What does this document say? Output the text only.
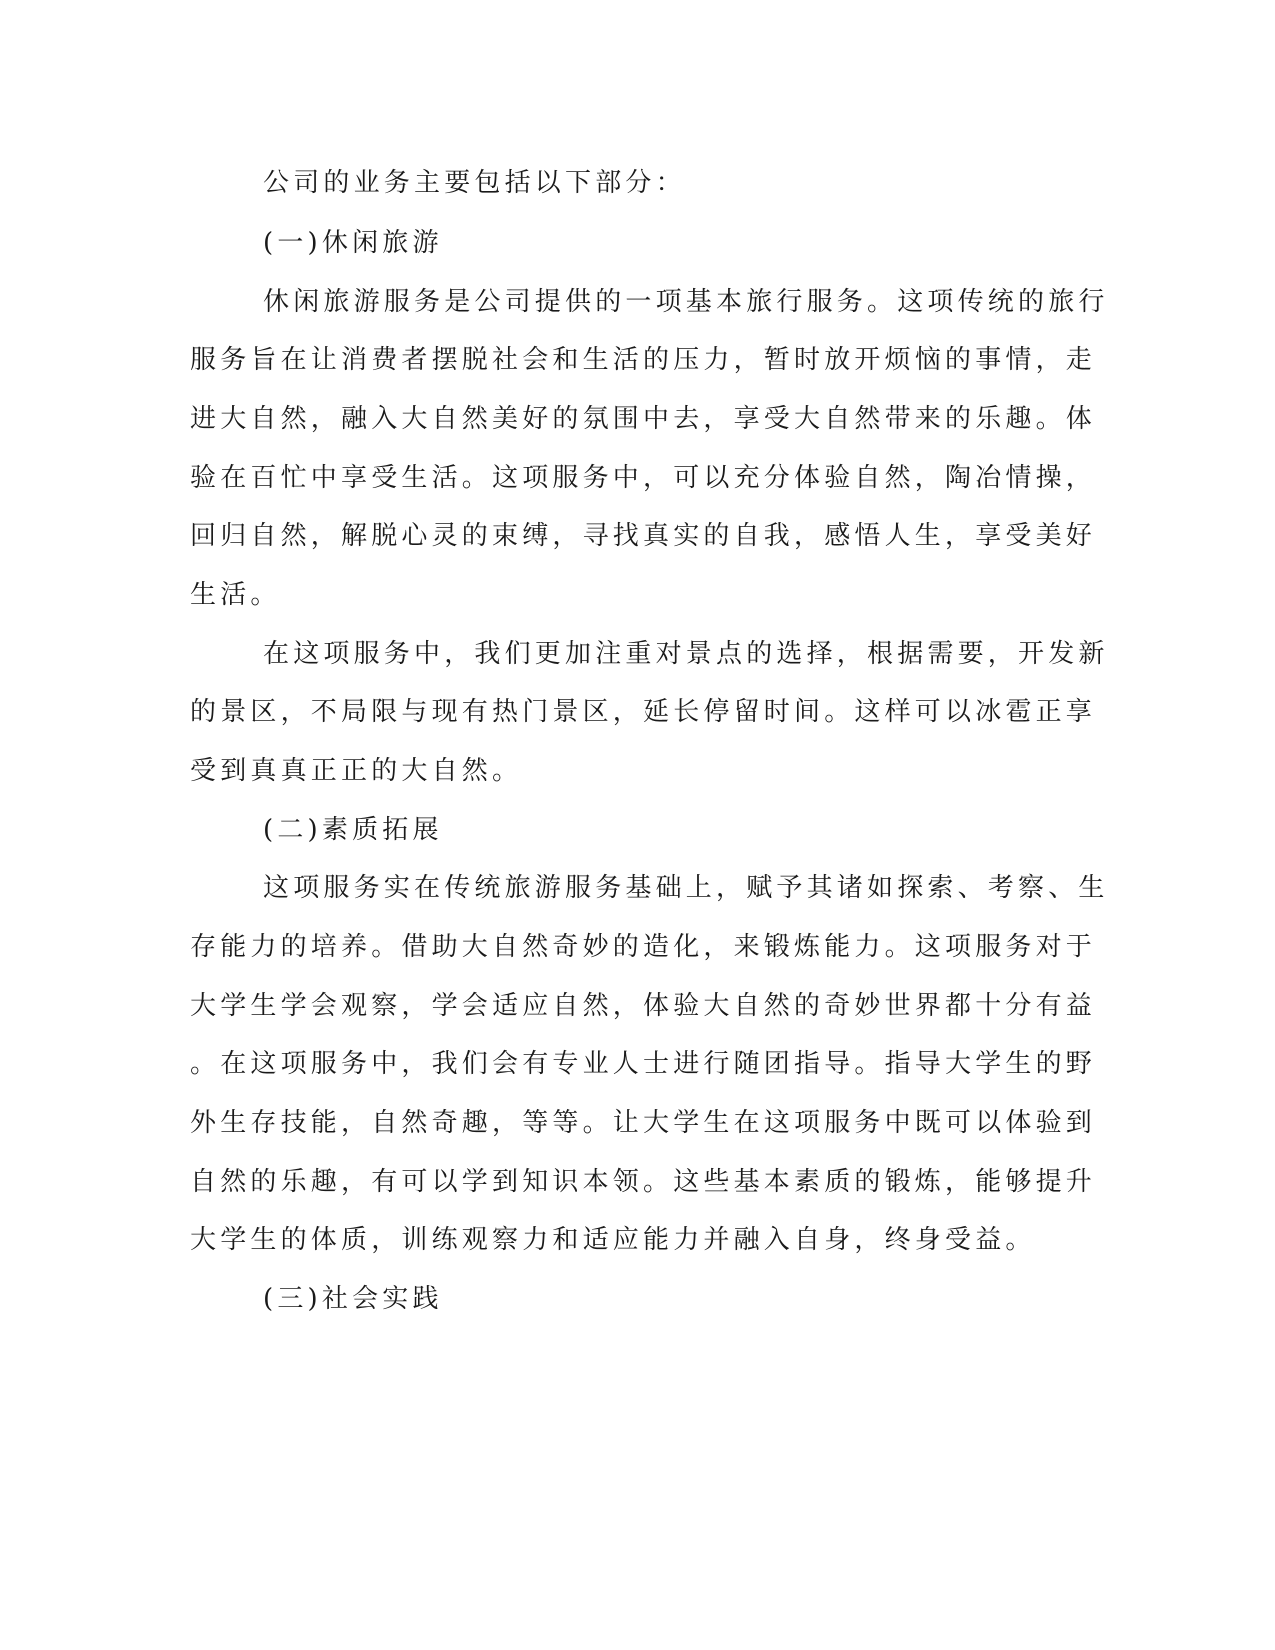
公司的业务主要包括以下部分：
(一)休闲旅游
休闲旅游服务是公司提供的一项基本旅行服务。这项传统的旅行
服务旨在让消费者摆脱社会和生活的压力，暂时放开烦恼的事情，走
进大自然，融入大自然美好的氛围中去，享受大自然带来的乐趣。体
验在百忙中享受生活。这项服务中，可以充分体验自然，陶冶情操，
回归自然，解脱心灵的束缚，寻找真实的自我，感悟人生，享受美好
生活。
在这项服务中，我们更加注重对景点的选择，根据需要，开发新
的景区，不局限与现有热门景区，延长停留时间。这样可以冰雹正享
受到真真正正的大自然。
(二)素质拓展
这项服务实在传统旅游服务基础上，赋予其诸如探索、考察、生
存能力的培养。借助大自然奇妙的造化，来锻炼能力。这项服务对于
大学生学会观察，学会适应自然，体验大自然的奇妙世界都十分有益
。在这项服务中，我们会有专业人士进行随团指导。指导大学生的野
外生存技能，自然奇趣，等等。让大学生在这项服务中既可以体验到
自然的乐趣，有可以学到知识本领。这些基本素质的锻炼，能够提升
大学生的体质，训练观察力和适应能力并融入自身，终身受益。
(三)社会实践
